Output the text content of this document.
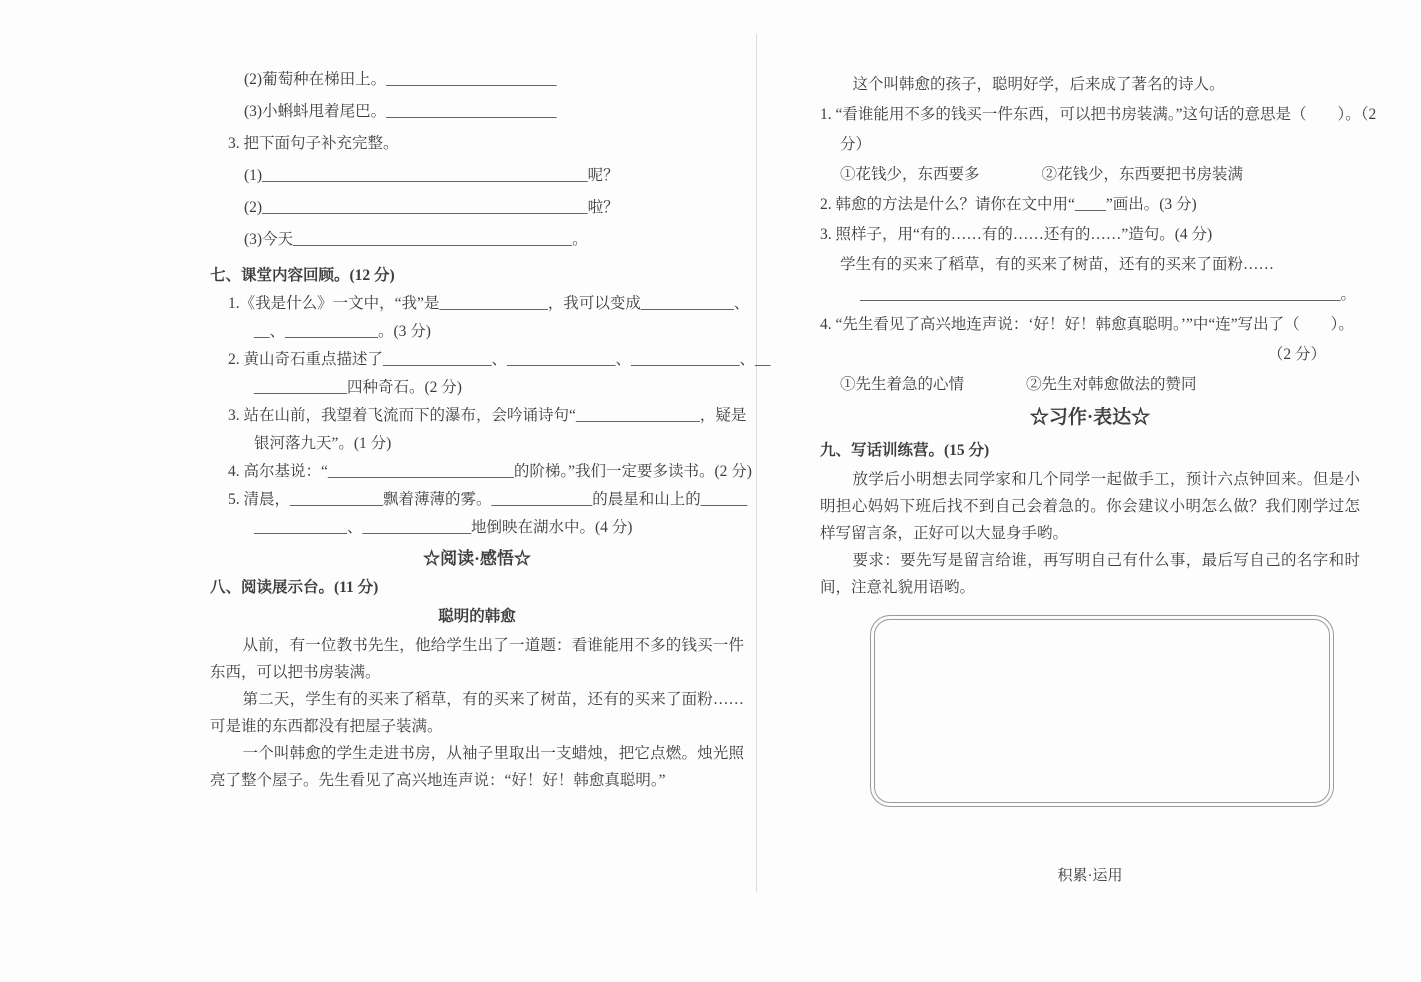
(2)葡萄种在梯田上。______________________
(3)小蝌蚪甩着尾巴。______________________
3. 把下面句子补充完整。
(1)__________________________________________呢？
(2)__________________________________________啦？
(3)今天____________________________________。
七、课堂内容回顾。(12 分)
1.《我是什么》一文中，“我”是______________，我可以变成____________、
__、____________。(3 分)
2. 黄山奇石重点描述了______________、______________、______________、__
____________四种奇石。(2 分)
3. 站在山前，我望着飞流而下的瀑布，会吟诵诗句“________________，疑是
银河落九天”。(1 分)
4. 高尔基说：“________________________的阶梯。”我们一定要多读书。(2 分)
5. 清晨，____________飘着薄薄的雾。_____________的晨星和山上的______
____________、______________地倒映在湖水中。(4 分)
☆阅读·感悟☆
八、阅读展示台。(11 分)
聪明的韩愈

从前，有一位教书先生，他给学生出了一道题：看谁能用不多的钱买一件东西，可以把书房装满。

第二天，学生有的买来了稻草，有的买来了树苗，还有的买来了面粉……可是谁的东西都没有把屋子装满。

一个叫韩愈的学生走进书房，从袖子里取出一支蜡烛，把它点燃。烛光照亮了整个屋子。先生看见了高兴地连声说：“好！好！韩愈真聪明。”

这个叫韩愈的孩子，聪明好学，后来成了著名的诗人。
1. “看谁能用不多的钱买一件东西，可以把书房装满。”这句话的意思是（　　）。（2
分）
①花钱少，东西要多　　　　②花钱少，东西要把书房装满
2. 韩愈的方法是什么？请你在文中用“____”画出。(3 分)
3. 照样子，用“有的……有的……还有的……”造句。(4 分)
学生有的买来了稻草，有的买来了树苗，还有的买来了面粉……
______________________________________________________________。
4. “先生看见了高兴地连声说：‘好！好！韩愈真聪明。’”中“连”写出了（　　）。
（2 分）
①先生着急的心情　　　　②先生对韩愈做法的赞同
☆习作·表达☆
九、写话训练营。(15 分)

放学后小明想去同学家和几个同学一起做手工，预计六点钟回来。但是小明担心妈妈下班后找不到自己会着急的。你会建议小明怎么做？我们刚学过怎样写留言条，正好可以大显身手哟。

要求：要先写是留言给谁，再写明自己有什么事，最后写自己的名字和时间，注意礼貌用语哟。

积累·运用
